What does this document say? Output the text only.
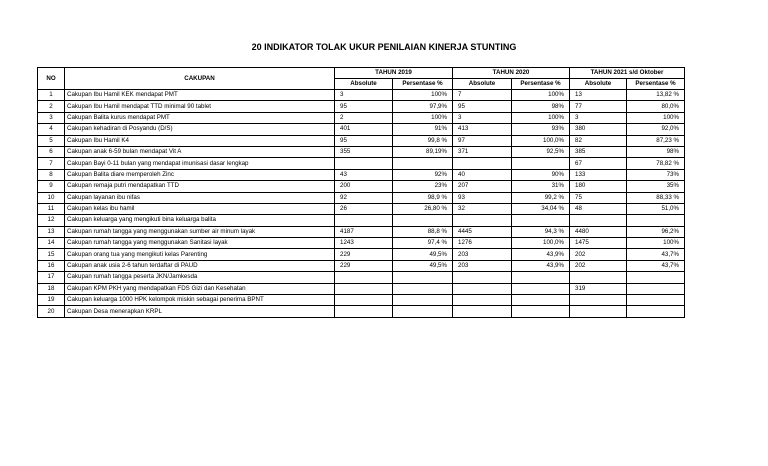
20 INDIKATOR TOLAK UKUR PENILAIAN KINERJA STUNTING
NO	CAKUPAN	TAHUN 2019		TAHUN 2020		TAHUN 2021 s/d Oktober	
		Absolute	Persentase %	Absolute	Persentase %	Absolute	Persentase %
1	Cakupan Ibu Hamil KEK mendapat PMT	3	100%	7	100%	13	13,82 %
2	Cakupan Ibu Hamil mendapat TTD minimal 90 tablet	95	97,9%	95	98%	77	80,0%
3	Cakupan Balita kurus mendapat PMT	2	100%	3	100%	3	100%
4	Cakupan kehadiran di Posyandu (D/S)	401	91%	413	93%	380	92,0%
5	Cakupan Ibu Hamil K4	95	99,8 %	97	100,0%	82	87,23 %
6	Cakupan anak 6-59 bulan mendapat Vit A	355	89,19%	371	92,5%	385	98%
7	Cakupan Bayi 0-11 bulan yang mendapat imunisasi dasar lengkap					67	78,82 %
8	Cakupan Balita diare memperoleh Zinc	43	92%	40	90%	133	73%
9	Cakupan remaja putri mendapatkan TTD	200	23%	207	31%	180	35%
10	Cakupan layanan ibu nifas	92	98,9 %	93	99,2 %	75	88,33 %
11	Cakupan kelas ibu hamil	26	26,80 %	32	34,04 %	48	51,0%
12	Cakupan keluarga yang mengikuti bina keluarga balita						
13	Cakupan rumah tangga yang menggunakan sumber air minum layak	4187	88,8 %	4445	94,3 %	4480	96,2%
14	Cakupan rumah tangga yang menggunakan Sanitasi layak	1243	97,4 %	1276	100,0%	1475	100%
15	Cakupan orang tua yang mengikuti kelas Parenting	229	49,5%	203	43,9%	202	43,7%
16	Cakupan anak usia 2-6 tahun terdaftar di PAUD	229	49,5%	203	43,9%	202	43,7%
17	Cakupan rumah tangga peserta JKN/Jamkesda						
18	Cakupan KPM PKH yang mendapatkan FDS Gizi dan Kesehatan					319	
19	Cakupan keluarga 1000 HPK kelompok miskin sebagai penerima BPNT						
20	Cakupan Desa menerapkan KRPL						
